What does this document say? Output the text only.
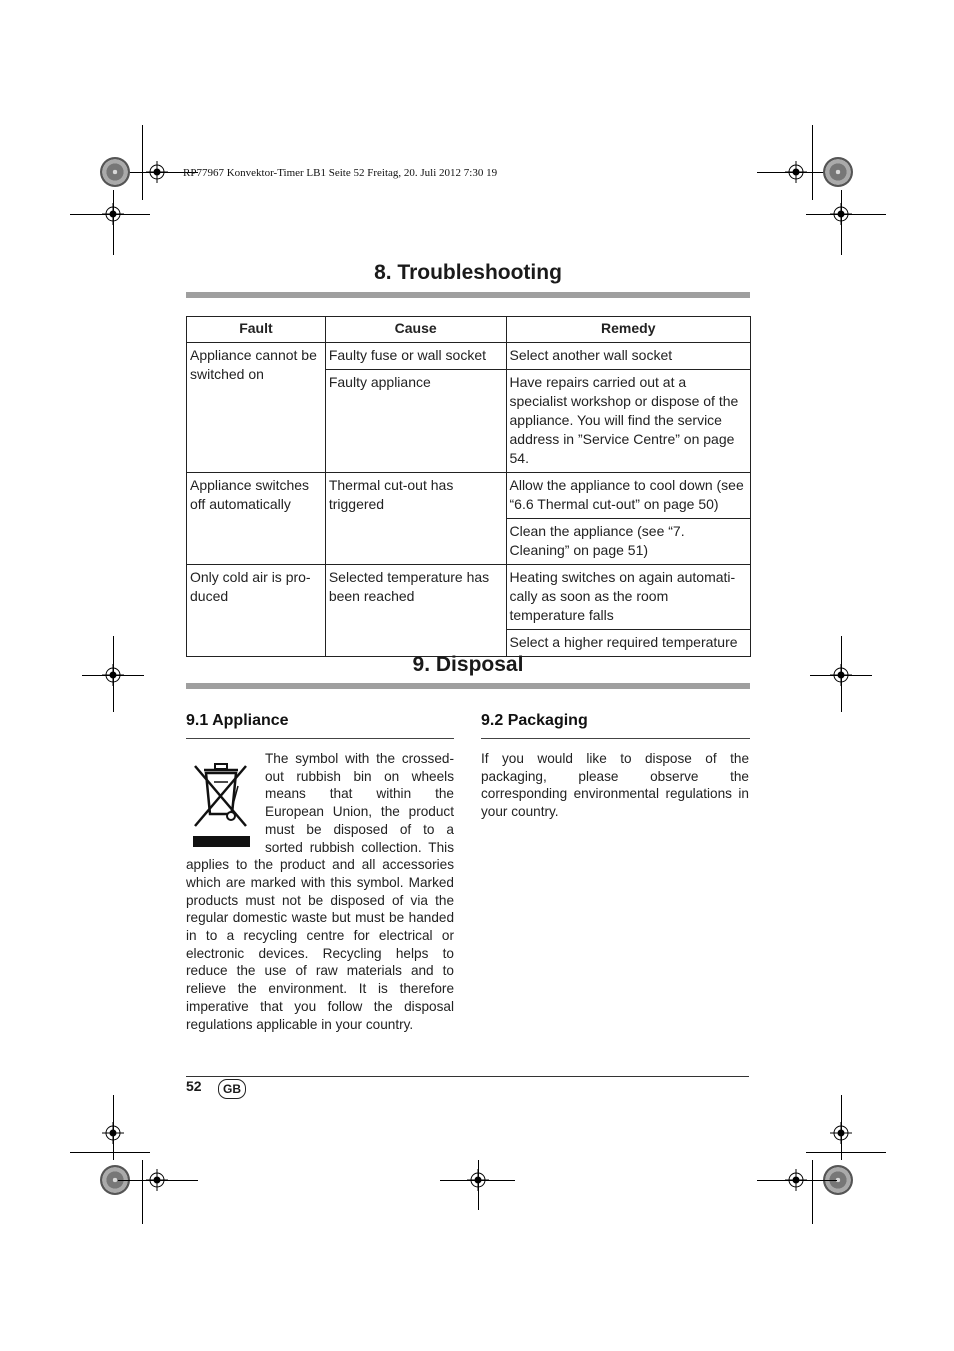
RP77967 Konvektor-Timer LB1 Seite 52 Freitag, 20. Juli 2012 7:30 19
8. Troubleshooting
Fault	Cause	Remedy
Appliance cannot be switched on	Faulty fuse or wall socket	Select another wall socket
	Faulty appliance	Have repairs carried out at a specialist workshop or dispose of the appliance. You will find the service address in ”Service Centre” on page 54.
Appliance switches off automatically	Thermal cut-out has triggered	Allow the appliance to cool down (see “6.6 Thermal cut-out” on page 50)
		Clean the appliance (see “7. Cleaning” on page 51)
Only cold air is pro-duced	Selected temperature has been reached	Heating switches on again automati-cally as soon as the room temperature falls
		Select a higher required temperature
9. Disposal
9.1 Appliance
The symbol with the crossed-out rubbish bin on wheels means that within the European Union, the product must be disposed of to a sorted rubbish collection. This applies to the product and all accessories which are marked with this symbol. Marked products must not be disposed of via the regular domestic waste but must be handed in to a recycling centre for electrical or electronic devices. Recycling helps to reduce the use of raw materials and to relieve the environment. It is therefore imperative that you follow the disposal regulations applicable in your country.
9.2 Packaging
If you would like to dispose of the packaging, please observe the corresponding environmental regulations in your country.
52	GB
